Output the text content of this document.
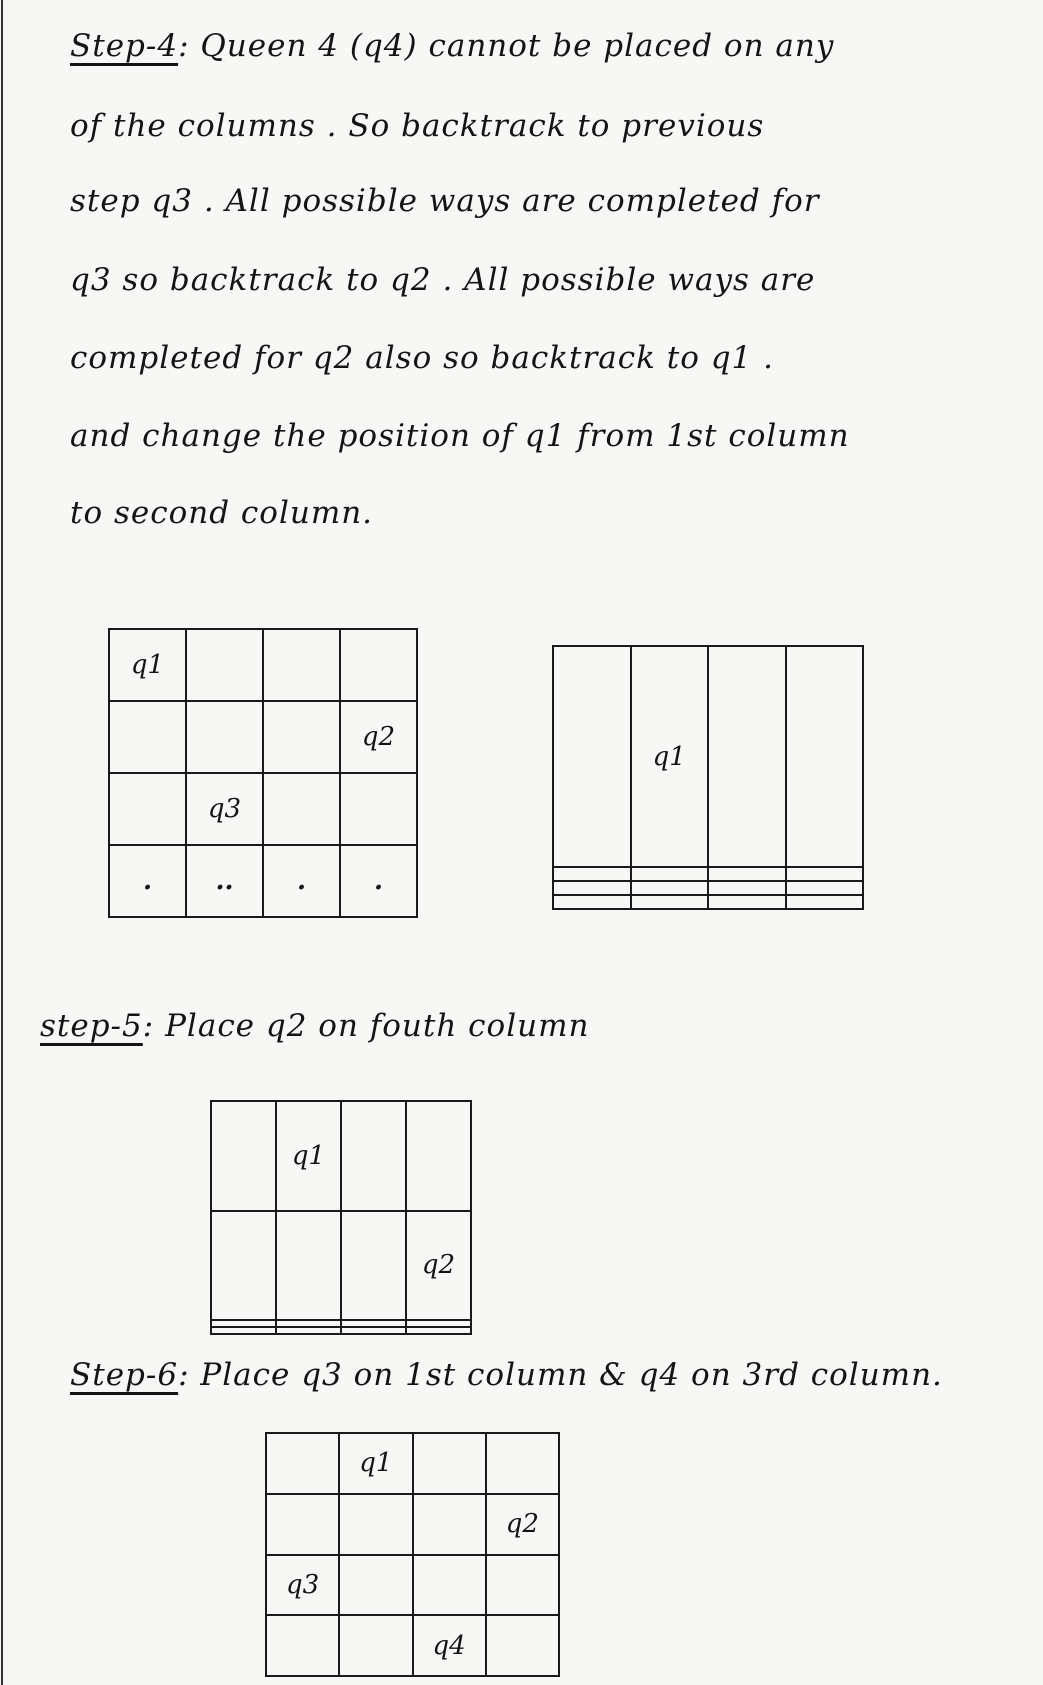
Step-4: Queen 4 (q4) cannot be placed on any
of the columns . So backtrack to previous
step q3 . All possible ways are completed for
q3 so backtrack to q2 . All possible ways are
completed for q2 also so backtrack to q1 .
and change the position of q1 from 1st column
to second column.
q1			
			q2
	q3		
.	..	.	.
	q1		

step-5: Place q2 on fouth column
	q1		
			q2

Step-6: Place q3 on 1st column & q4 on 3rd column.
	q1		
			q2
q3			
		q4	
